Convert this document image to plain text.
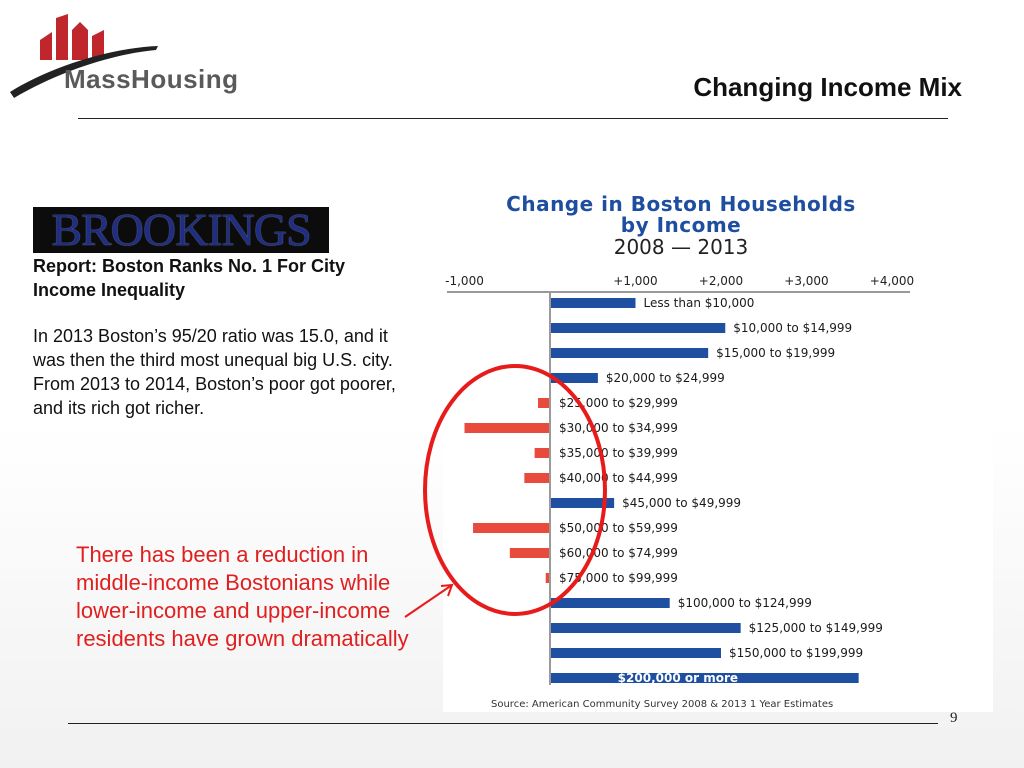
MassHousing	Changing Income Mix
BROOKINGS
Report: Boston Ranks No. 1 For City Income Inequality
In 2013 Boston’s 95/20 ratio was 15.0, and it was then the third most unequal big U.S. city. From 2013 to 2014, Boston’s poor got poorer, and its rich got richer.
There has been a reduction in middle-income Bostonians while lower-income and upper-income residents have grown dramatically
Change in Boston Households
by Income
2008 — 2013
-1,000	+1,000	+2,000	+3,000	+4,000
Less than $10,000
$10,000 to $14,999
$15,000 to $19,999
$20,000 to $24,999
$25,000 to $29,999
$30,000 to $34,999
$35,000 to $39,999
$40,000 to $44,999
$45,000 to $49,999
$50,000 to $59,999
$60,000 to $74,999
$75,000 to $99,999
$100,000 to $124,999
$125,000 to $149,999
$150,000 to $199,999
$200,000 or more
Source: American Community Survey 2008 & 2013 1 Year Estimates
9
